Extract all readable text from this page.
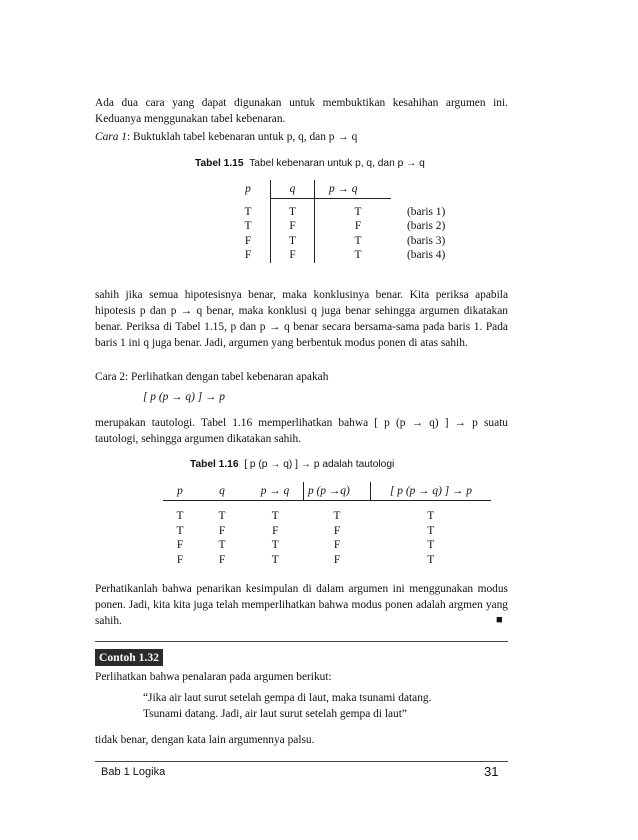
Ada dua cara yang dapat digunakan untuk membuktikan kesahihan argumen ini. Keduanya menggunakan tabel kebenaran.
Cara 1: Buktuklah tabel kebenaran untuk p, q, dan p → q
Tabel 1.15 Tabel kebenaran untuk p, q, dan p → q
p	q	p → q	

T	T	T	(baris 1)
T	F	F	(baris 2)
F	T	T	(baris 3)
F	F	T	(baris 4)
sahih jika semua hipotesisnya benar, maka konklusinya benar. Kita periksa apabila hipotesis p dan p → q benar, maka konklusi q juga benar sehingga argumen dikatakan benar. Periksa di Tabel 1.15, p dan p → q benar secara bersama-sama pada baris 1. Pada baris 1 ini q juga benar. Jadi, argumen yang berbentuk modus ponen di atas sahih.
Cara 2: Perlihatkan dengan tabel kebenaran apakah
[ p (p → q) ] → p
merupakan tautologi. Tabel 1.16 memperlihatkan bahwa [ p (p → q) ] → p suatu tautologi, sehingga argumen dikatakan sahih.
Tabel 1.16 [ p (p → q) ] → p adalah tautologi
p	q	p → q	p (p →q)	[ p (p → q) ] → p

T	T	T	T	T
T	F	F	F	T
F	T	T	F	T
F	F	T	F	T
Perhatikanlah bahwa penarikan kesimpulan di dalam argumen ini menggunakan modus ponen. Jadi, kita kita juga telah memperlihatkan bahwa modus ponen adalah argmen yang sahih.	■
Contoh 1.32
Perlihatkan bahwa penalaran pada argumen berikut:
“Jika air laut surut setelah gempa di laut, maka tsunami datang.
Tsunami datang. Jadi, air laut surut setelah gempa di laut”
tidak benar, dengan kata lain argumennya palsu.
Bab 1 Logika	31
